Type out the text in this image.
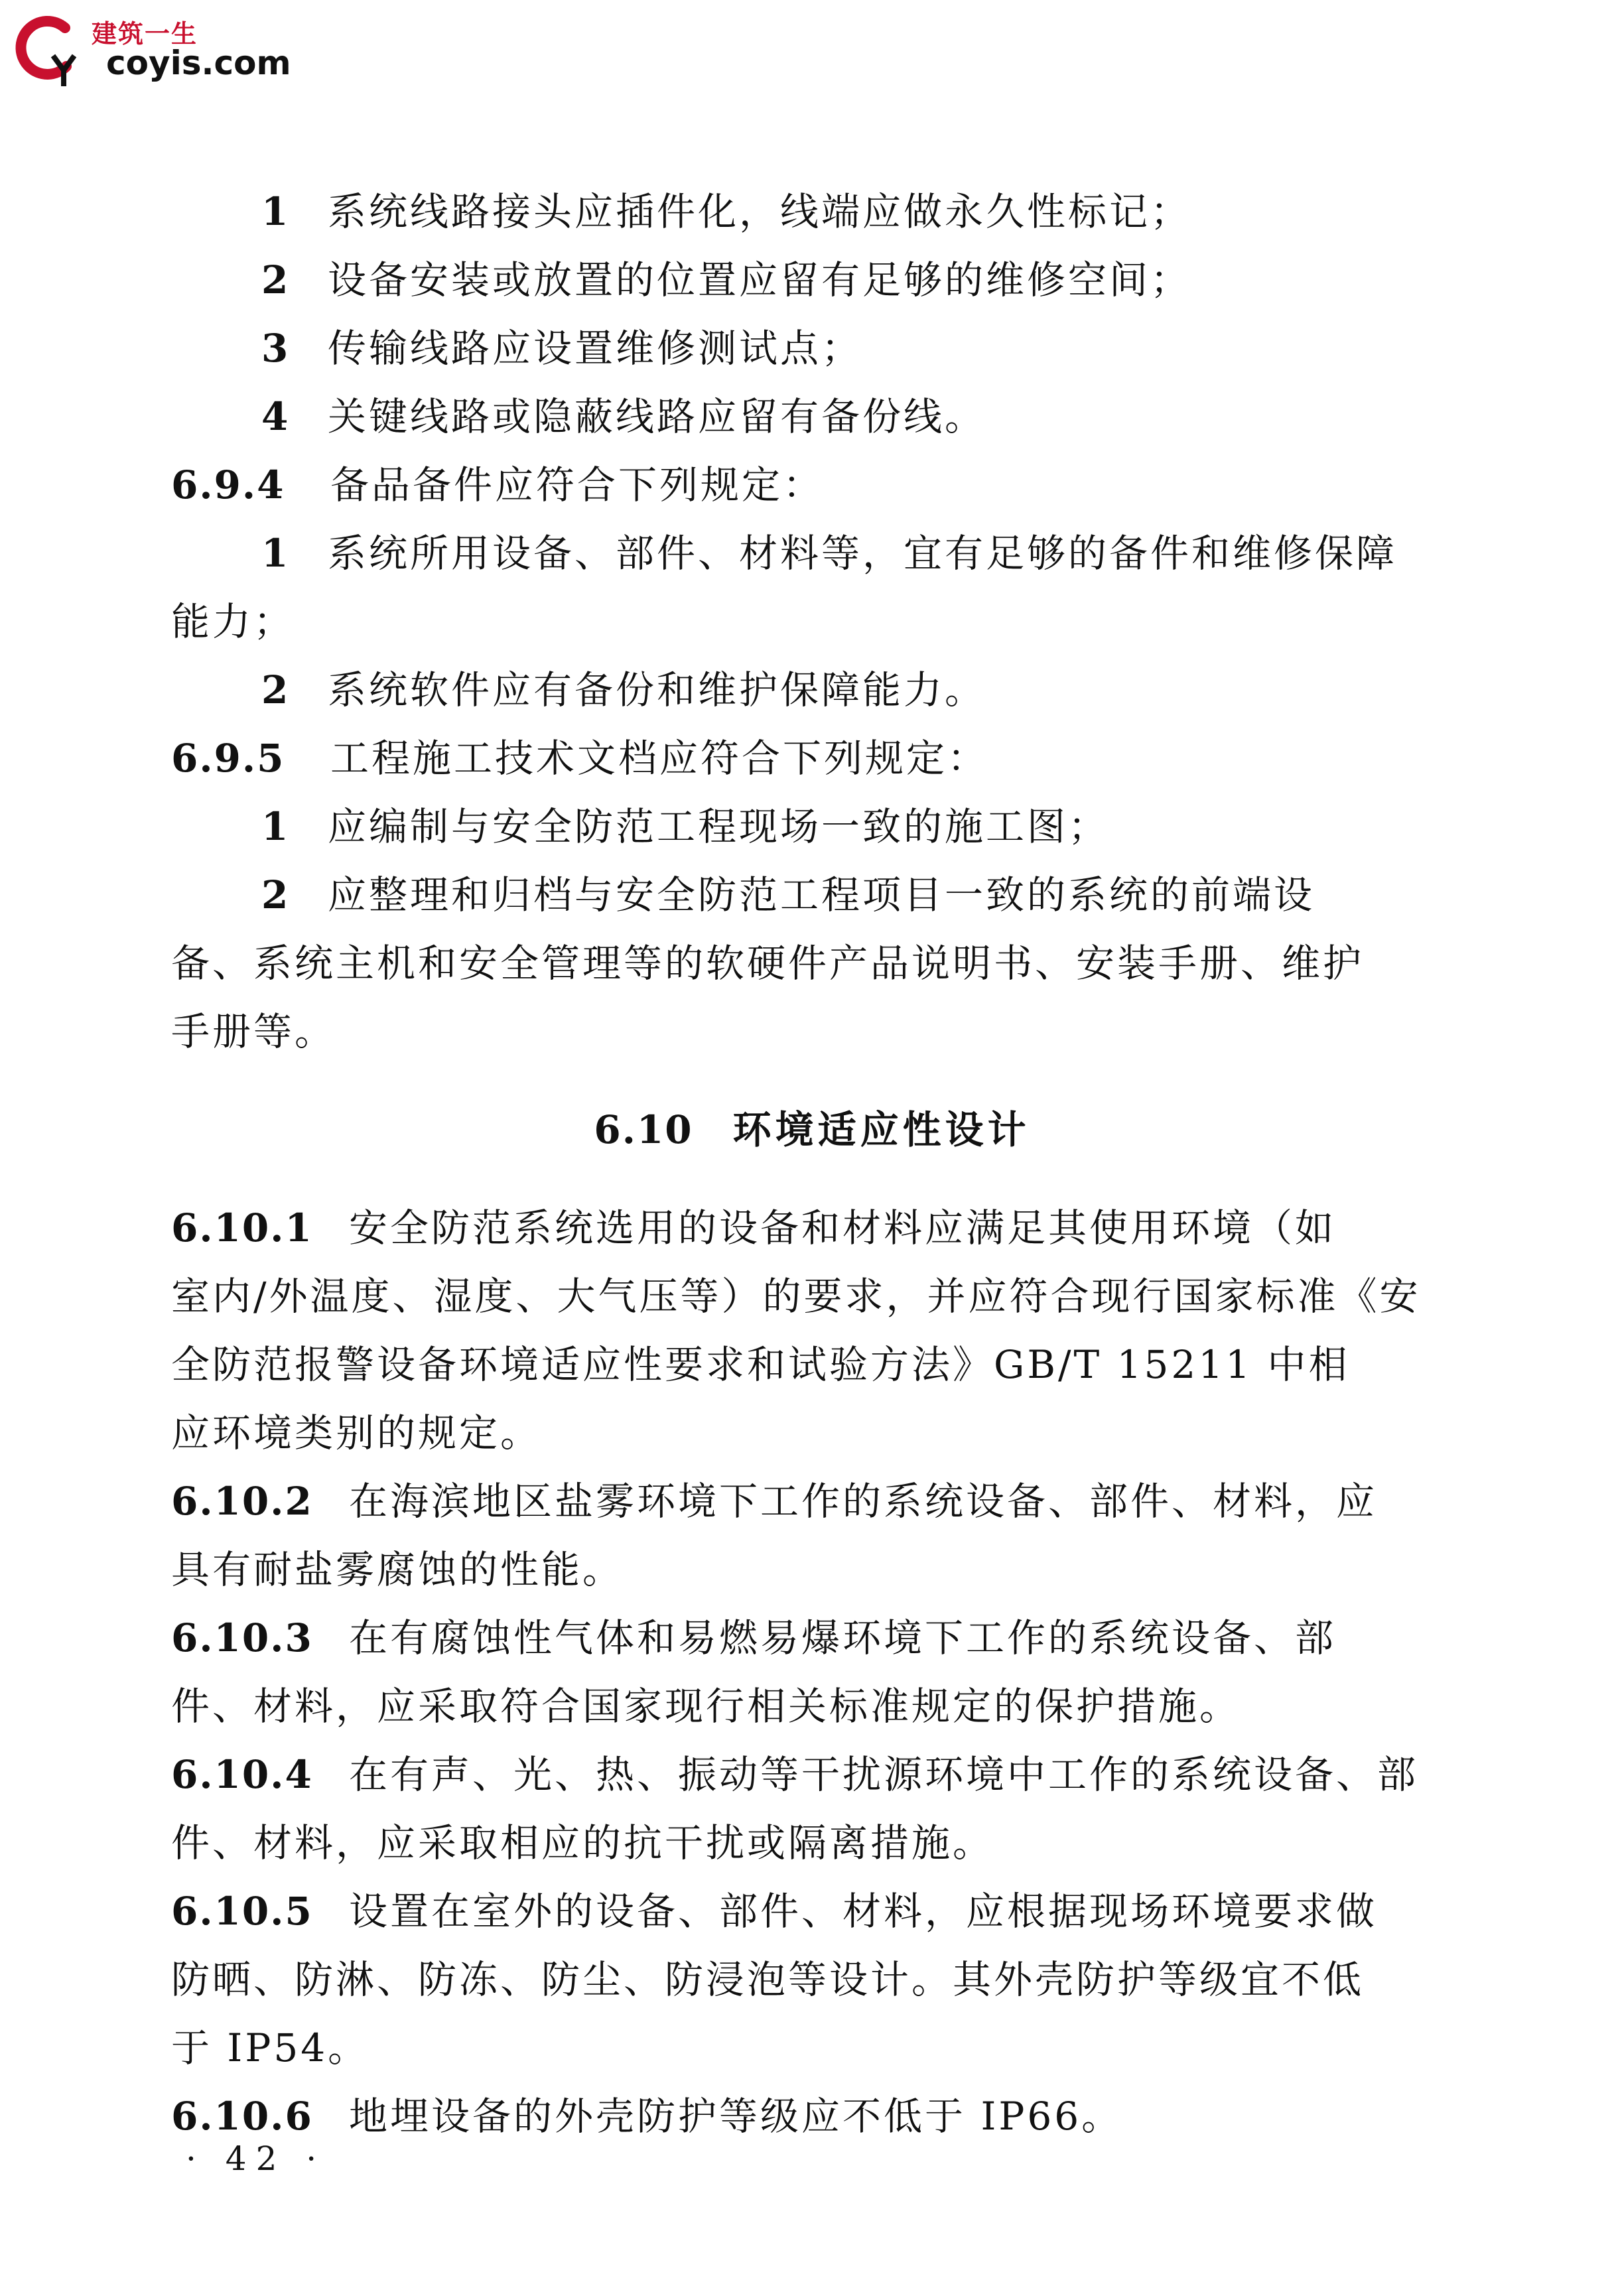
建筑一生
coyis.com
1 系统线路接头应插件化，线端应做永久性标记；
2 设备安装或放置的位置应留有足够的维修空间；
3 传输线路应设置维修测试点；
4 关键线路或隐蔽线路应留有备份线。
6.9.4 备品备件应符合下列规定：
1 系统所用设备、部件、材料等，宜有足够的备件和维修保障
能力；
2 系统软件应有备份和维护保障能力。
6.9.5 工程施工技术文档应符合下列规定：
1 应编制与安全防范工程现场一致的施工图；
2 应整理和归档与安全防范工程项目一致的系统的前端设
备、系统主机和安全管理等的软硬件产品说明书、安装手册、维护
手册等。
6.10 环境适应性设计
6.10.1 安全防范系统选用的设备和材料应满足其使用环境（如
室内/外温度、湿度、大气压等）的要求，并应符合现行国家标准《安
全防范报警设备环境适应性要求和试验方法》GB/T 15211 中相
应环境类别的规定。
6.10.2 在海滨地区盐雾环境下工作的系统设备、部件、材料，应
具有耐盐雾腐蚀的性能。
6.10.3 在有腐蚀性气体和易燃易爆环境下工作的系统设备、部
件、材料，应采取符合国家现行相关标准规定的保护措施。
6.10.4 在有声、光、热、振动等干扰源环境中工作的系统设备、部
件、材料，应采取相应的抗干扰或隔离措施。
6.10.5 设置在室外的设备、部件、材料，应根据现场环境要求做
防晒、防淋、防冻、防尘、防浸泡等设计。其外壳防护等级宜不低
于 IP54。
6.10.6 地埋设备的外壳防护等级应不低于 IP66。
· 42 ·
